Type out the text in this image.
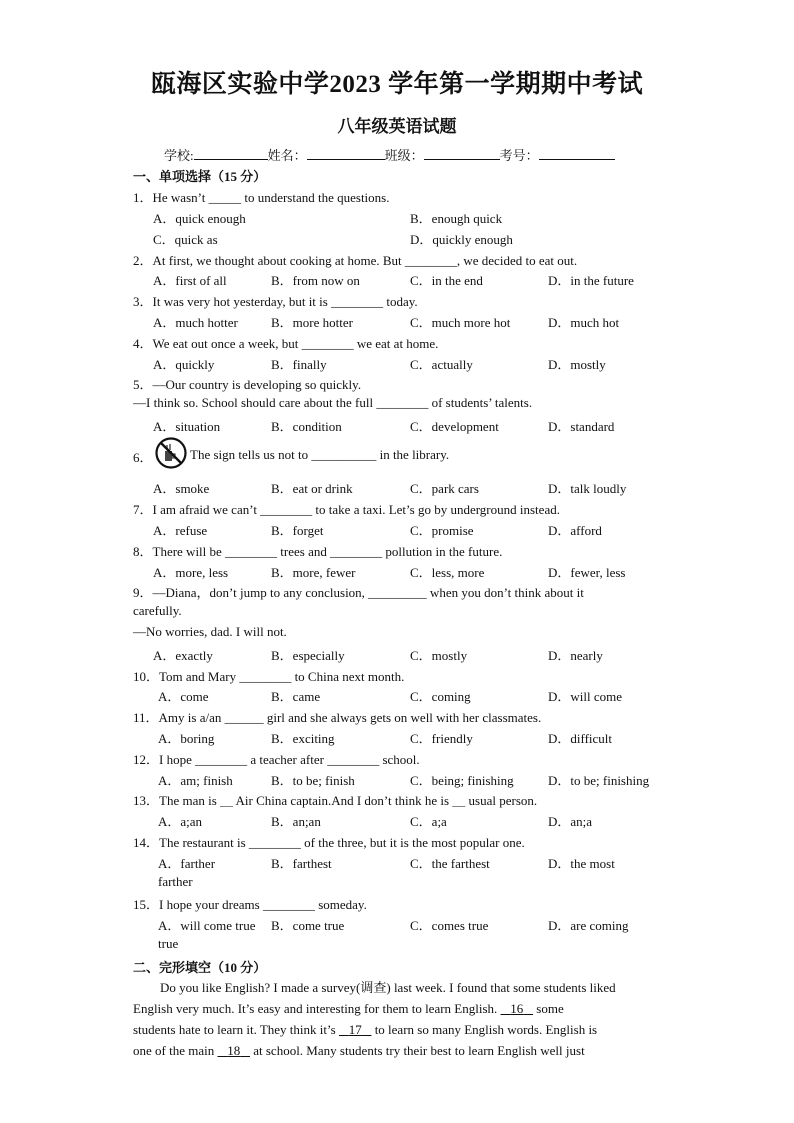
瓯海区实验中学2023 学年第一学期期中考试
八年级英语试题
学校:	姓名：	班级：	考号：
一、单项选择（15 分）
1．He wasn’t _____ to understand the questions.
A．quick enough	B．enough quick
C．quick as	D．quickly enough
2．At first, we thought about cooking at home. But ________, we decided to eat out.
A．first of all	B．from now on	C．in the end	D．in the future
3．It was very hot yesterday, but it is ________ today.
A．much hotter	B．more hotter	C．much more hot	D．much hot
4．We eat out once a week, but ________ we eat at home.
A．quickly	B．finally	C．actually	D．mostly
5．—Our country is developing so quickly.
—I think so. School should care about the full ________ of students’ talents.
A．situation	B．condition	C．development	D．standard
6．	The sign tells us not to __________ in the library.
A．smoke	B．eat or drink	C．park cars	D．talk loudly
7．I am afraid we can’t ________ to take a taxi. Let’s go by underground instead.
A．refuse	B．forget	C．promise	D．afford
8．There will be ________ trees and ________ pollution in the future.
A．more, less	B．more, fewer	C．less, more	D．fewer, less
9．—Diana，don’t jump to any conclusion, _________ when you don’t think about it
carefully.
—No worries, dad. I will not.
A．exactly	B．especially	C．mostly	D．nearly
10．Tom and Mary ________ to China next month.
A．come	B．came	C．coming	D．will come
11．Amy is a/an ______ girl and she always gets on well with her classmates.
A．boring	B．exciting	C．friendly	D．difficult
12．I hope ________ a teacher after ________ school.
A．am; finish	B．to be; finish	C．being; finishing	D．to be; finishing
13．The man is ＿ Air China captain.And I don’t think he is ＿ usual person.
A．a;an	B．an;an	C．a;a	D．an;a
14．The restaurant is ________ of the three, but it is the most popular one.
A．farther	B．farthest	C．the farthest	D．the most
farther
15．I hope your dreams ________ someday.
A．will come true B．come true	C．comes true	D．are coming
true
二、完形填空（10 分）
Do you like English? I made a survey(调查) last week. I found that some students liked
English very much. It’s easy and interesting for them to learn English.    16    some
students hate to learn it. They think it’s    17    to learn so many English words. English is
one of the main    18    at school. Many students try their best to learn English well just
